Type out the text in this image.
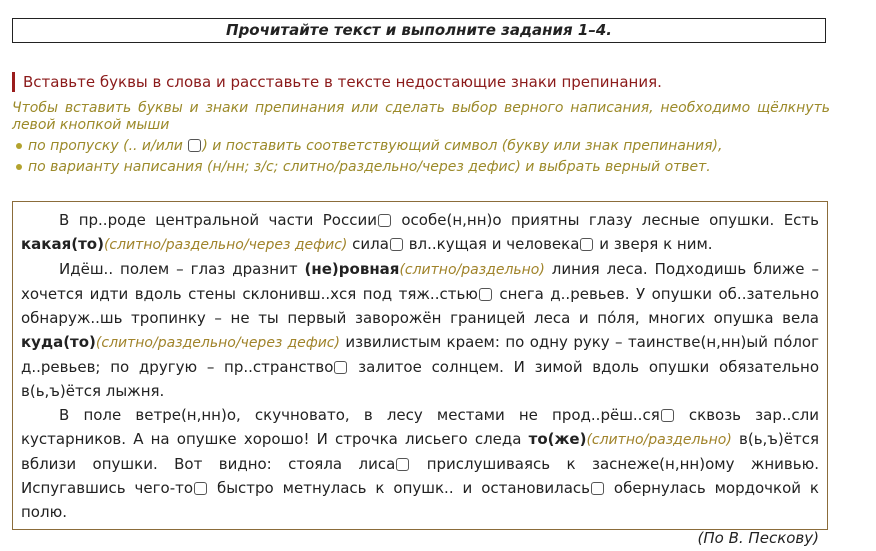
Прочитайте текст и выполните задания 1–4.
Вставьте буквы в слова и расставьте в тексте недостающие знаки препинания.
Чтобы вставить буквы и знаки препинания или сделать выбор верного написания, необходимо щёлкнуть левой кнопкой мыши
по пропуску (.. и/или ) и поставить соответствующий символ (букву или знак препинания),
по варианту написания (н/нн; з/с; слитно/раздельно/через дефис) и выбрать верный ответ.

В пр..роде центральной части России особе(н,нн)о приятны глазу лесные опушки. Есть какая(то)(слитно/раздельно/через дефис) сила вл..кущая и человека и зверя к ним.

Идёш.. полем – глаз дразнит (не)ровная(слитно/раздельно) линия леса. Подходишь ближе – хочется идти вдоль стены склонивш..хся под тяж..стью снега д..ревьев. У опушки об..зательно обнаруж..шь тропинку – не ты первый заворожён границей леса и по́ля, многих опушка вела куда(то)(слитно/раздельно/через дефис) извилистым краем: по одну руку – таинстве(н,нн)ый по́лог д..ревьев; по другую – пр..странство залитое солнцем. И зимой вдоль опушки обязательно в(ь,ъ)ётся лыжня.

В поле ветре(н,нн)о, скучновато, в лесу местами не прод..рёш..ся сквозь зар..сли кустарников. А на опушке хорошо! И строчка лисьего следа то(же)(слитно/раздельно) в(ь,ъ)ётся вблизи опушки. Вот видно: стояла лиса прислушиваясь к заснеже(н,нн)ому жнивью. Испугавшись чего-то быстро метнулась к опушк.. и остановилась обернулась мордочкой к полю.

(По В. Пескову)
